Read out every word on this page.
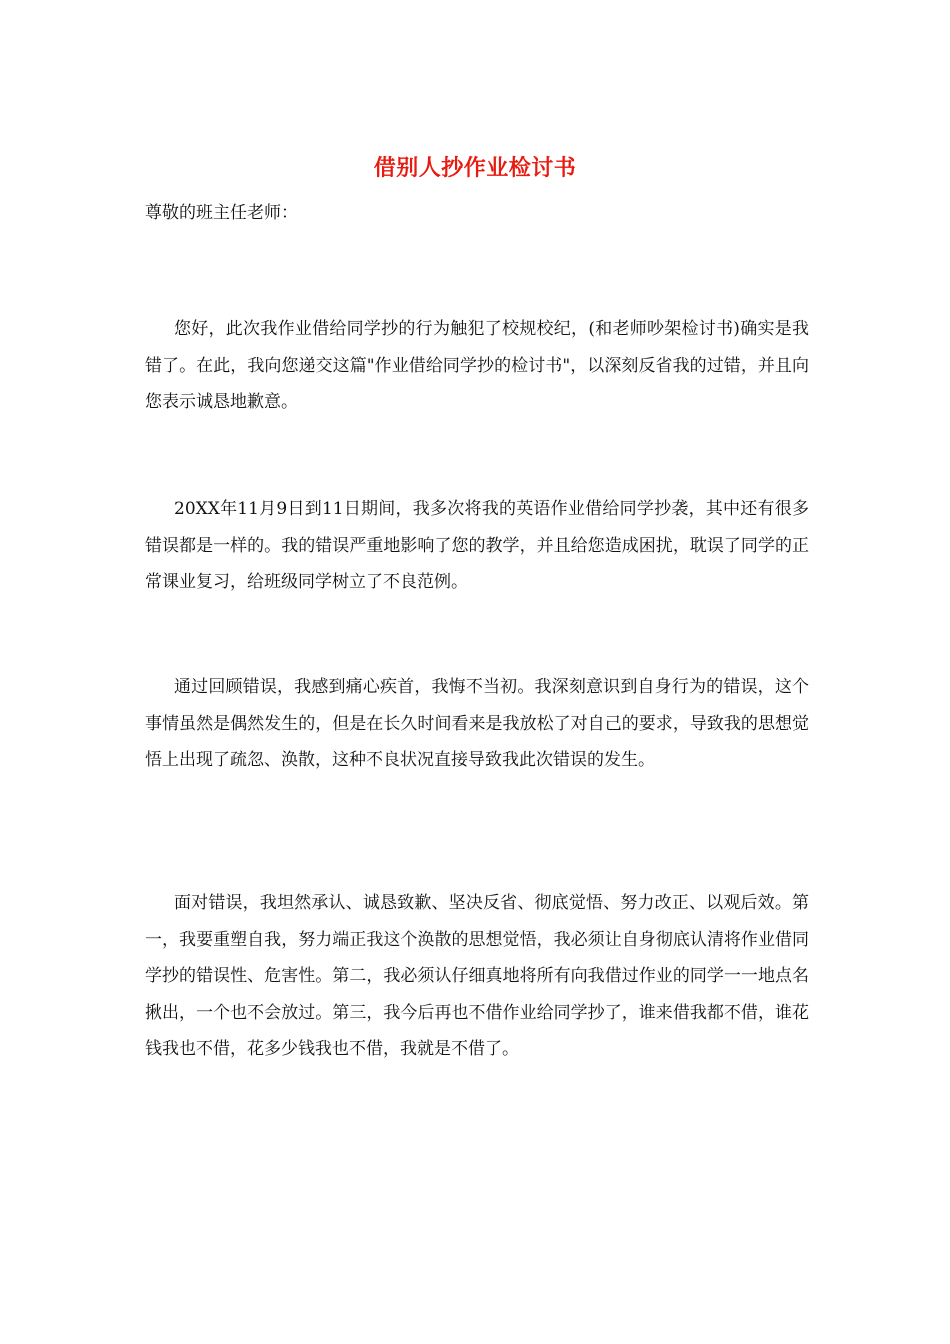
借别人抄作业检讨书
尊敬的班主任老师：

您好，此次我作业借给同学抄的行为触犯了校规校纪，(和老师吵架检讨书)确实是我错了。在此，我向您递交这篇"作业借给同学抄的检讨书"，以深刻反省我的过错，并且向您表示诚恳地歉意。

20XX年11月9日到11日期间，我多次将我的英语作业借给同学抄袭，其中还有很多错误都是一样的。我的错误严重地影响了您的教学，并且给您造成困扰，耽误了同学的正常课业复习，给班级同学树立了不良范例。

通过回顾错误，我感到痛心疾首，我悔不当初。我深刻意识到自身行为的错误，这个事情虽然是偶然发生的，但是在长久时间看来是我放松了对自己的要求，导致我的思想觉悟上出现了疏忽、涣散，这种不良状况直接导致我此次错误的发生。

面对错误，我坦然承认、诚恳致歉、坚决反省、彻底觉悟、努力改正、以观后效。第一，我要重塑自我，努力端正我这个涣散的思想觉悟，我必须让自身彻底认清将作业借同学抄的错误性、危害性。第二，我必须认仔细真地将所有向我借过作业的同学一一地点名揪出，一个也不会放过。第三，我今后再也不借作业给同学抄了，谁来借我都不借，谁花钱我也不借，花多少钱我也不借，我就是不借了。
